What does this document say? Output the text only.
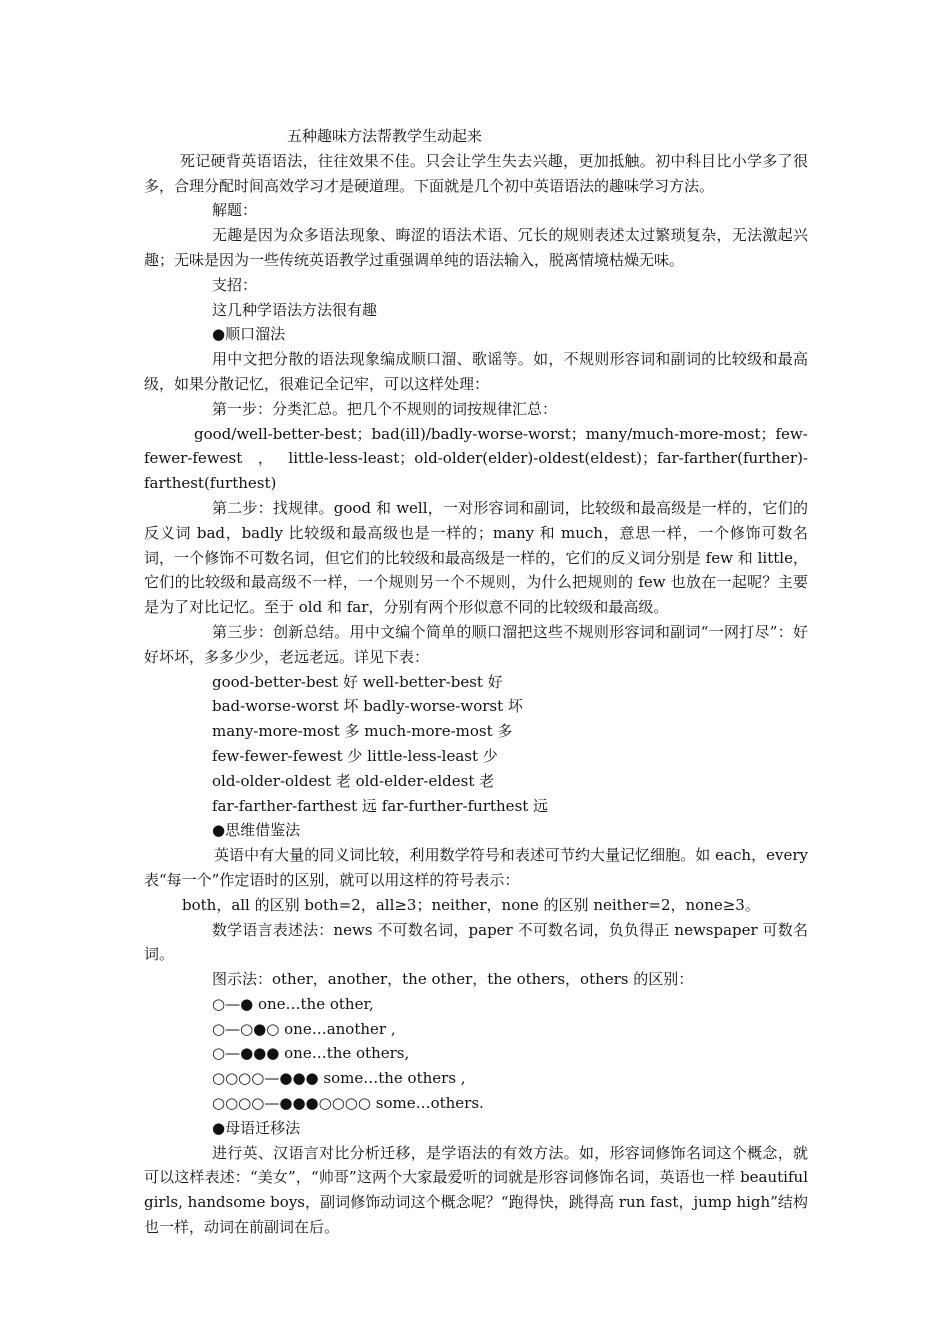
五种趣味方法帮教学生动起来

死记硬背英语语法，往往效果不佳。只会让学生失去兴趣，更加抵触。初中科目比小学多了很多，合理分配时间高效学习才是硬道理。下面就是几个初中英语语法的趣味学习方法。

解题：

无趣是因为众多语法现象、晦涩的语法术语、冗长的规则表述太过繁琐复杂，无法激起兴趣；无味是因为一些传统英语教学过重强调单纯的语法输入，脱离情境枯燥无味。

支招：

这几种学语法方法很有趣

●顺口溜法

用中文把分散的语法现象编成顺口溜、歌谣等。如，不规则形容词和副词的比较级和最高级，如果分散记忆，很难记全记牢，可以这样处理：

第一步：分类汇总。把几个不规则的词按规律汇总：

good/well-better-best；bad(ill)/badly-worse-worst；many/much-more-most；few-fewer-fewest，little-less-least；old-older(elder)-oldest(eldest)；far-farther(further)-farthest(furthest)

第二步：找规律。good 和 well，一对形容词和副词，比较级和最高级是一样的，它们的反义词 bad，badly 比较级和最高级也是一样的；many 和 much，意思一样，一个修饰可数名词，一个修饰不可数名词，但它们的比较级和最高级是一样的，它们的反义词分别是 few 和 little，它们的比较级和最高级不一样，一个规则另一个不规则，为什么把规则的 few 也放在一起呢？主要是为了对比记忆。至于 old 和 far，分别有两个形似意不同的比较级和最高级。

第三步：创新总结。用中文编个简单的顺口溜把这些不规则形容词和副词“一网打尽”：好好坏坏，多多少少，老远老远。详见下表：

good-better-best 好 well-better-best 好

bad-worse-worst 坏 badly-worse-worst 坏

many-more-most 多 much-more-most 多

few-fewer-fewest 少 little-less-least 少

old-older-oldest 老 old-elder-eldest 老

far-farther-farthest 远 far-further-furthest 远

●思维借鉴法

英语中有大量的同义词比较，利用数学符号和表述可节约大量记忆细胞。如 each，every 表“每一个”作定语时的区别，就可以用这样的符号表示：

both，all 的区别 both=2，all≥3；neither，none 的区别 neither=2，none≥3。

数学语言表述法：news 不可数名词，paper 不可数名词，负负得正 newspaper 可数名词。

图示法：other，another，the other，the others，others 的区别：

○—● one…the other,

○—○●○ one…another ,

○—●●● one…the others,

○○○○—●●● some…the others ,

○○○○—●●●○○○○ some…others.

●母语迁移法

进行英、汉语言对比分析迁移，是学语法的有效方法。如，形容词修饰名词这个概念，就可以这样表述：“美女”，“帅哥”这两个大家最爱听的词就是形容词修饰名词，英语也一样 beautiful girls, handsome boys，副词修饰动词这个概念呢？“跑得快，跳得高 run fast，jump high”结构也一样，动词在前副词在后。
